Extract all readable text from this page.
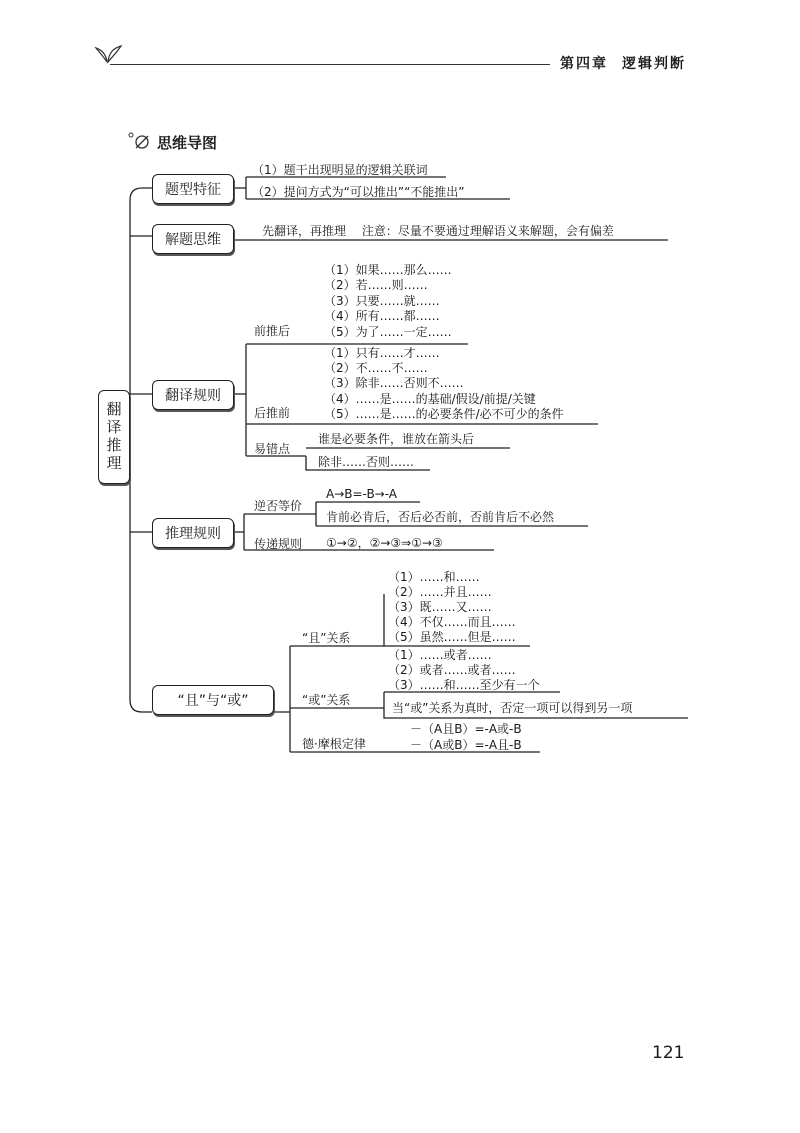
第四章 逻辑判断
思维导图
翻译推理
题型特征
解题思维
翻译规则
推理规则
“且”与“或”
（1）题干出现明显的逻辑关联词
（2）提问方式为“可以推出”“不能推出”
先翻译，再推理　 注意：尽量不要通过理解语义来解题，会有偏差
前推后
（1）如果……那么……
（2）若……则……
（3）只要……就……
（4）所有……都……
（5）为了……一定……
后推前
（1）只有……才……
（2）不……不……
（3）除非……否则不……
（4）……是……的基础/假设/前提/关键
（5）……是……的必要条件/必不可少的条件
易错点
谁是必要条件，谁放在箭头后
除非……否则……
逆否等价
A→B=-B→-A
肯前必肯后，否后必否前，否前肯后不必然
传递规则 ①→②，②→③⇒①→③
“且”关系
（1）……和……
（2）……并且……
（3）既……又……
（4）不仅……而且……
（5）虽然……但是……
“或”关系
（1）……或者……
（2）或者……或者……
（3）……和……至少有一个
当“或”关系为真时，否定一项可以得到另一项
德·摩根定律
－（A且B）=-A或-B
－（A或B）=-A且-B
121
